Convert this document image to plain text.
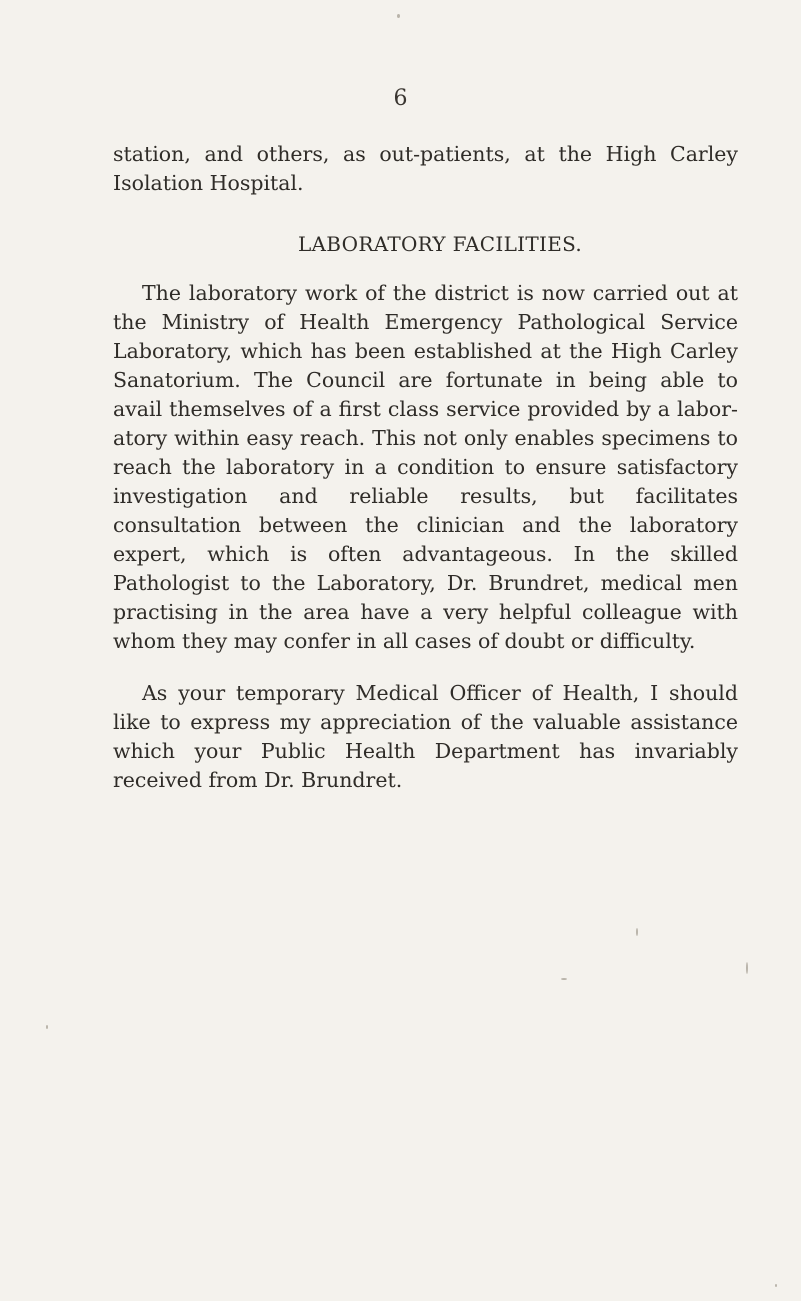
6

station, and others, as out-patients, at the High Carley Isolation Hospital.

LABORATORY FACILITIES.

The laboratory work of the district is now carried out at the Ministry of Health Emergency Pathological Service Laboratory, which has been established at the High Carley Sanatorium. The Council are fortunate in being able to avail themselves of a first class service provided by a labor- atory within easy reach. This not only enables specimens to reach the laboratory in a condition to ensure satisfactory investigation and reliable results, but facilitates consultation between the clinician and the laboratory expert, which is often advantageous. In the skilled Pathologist to the Laboratory, Dr. Brundret, medical men practising in the area have a very helpful colleague with whom they may confer in all cases of doubt or difficulty.

As your temporary Medical Officer of Health, I should like to express my appreciation of the valuable assistance which your Public Health Department has invariably received from Dr. Brundret.
